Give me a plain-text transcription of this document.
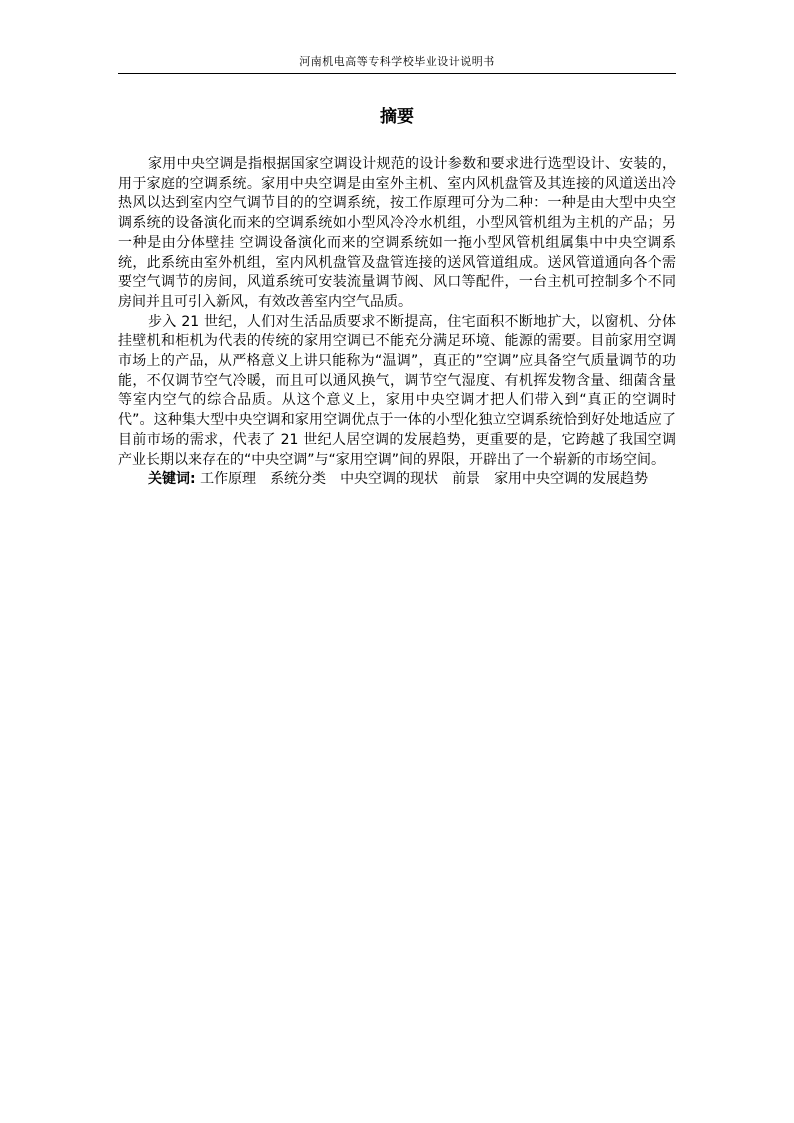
河南机电高等专科学校毕业设计说明书
摘要

家用中央空调是指根据国家空调设计规范的设计参数和要求进行选型设计、安装的，用于家庭的空调系统。家用中央空调是由室外主机、室内风机盘管及其连接的风道送出冷热风以达到室内空气调节目的的空调系统，按工作原理可分为二种：一种是由大型中央空调系统的设备演化而来的空调系统如小型风冷冷水机组，小型风管机组为主机的产品；另一种是由分体壁挂 空调设备演化而来的空调系统如一拖小型风管机组属集中中央空调系统，此系统由室外机组，室内风机盘管及盘管连接的送风管道组成。送风管道通向各个需要空气调节的房间，风道系统可安装流量调节阀、风口等配件，一台主机可控制多个不同房间并且可引入新风，有效改善室内空气品质。

步入 21 世纪，人们对生活品质要求不断提高，住宅面积不断地扩大，以窗机、分体挂壁机和柜机为代表的传统的家用空调已不能充分满足环境、能源的需要。目前家用空调市场上的产品，从严格意义上讲只能称为“温调”，真正的”空调”应具备空气质量调节的功能，不仅调节空气冷暖，而且可以通风换气，调节空气湿度、有机挥发物含量、细菌含量等室内空气的综合品质。从这个意义上，家用中央空调才把人们带入到“真正的空调时代”。这种集大型中央空调和家用空调优点于一体的小型化独立空调系统恰到好处地适应了目前市场的需求，代表了 21 世纪人居空调的发展趋势，更重要的是，它跨越了我国空调产业长期以来存在的“中央空调”与“家用空调”间的界限，开辟出了一个崭新的市场空间。

关键词: 工作原理 系统分类 中央空调的现状 前景 家用中央空调的发展趋势
